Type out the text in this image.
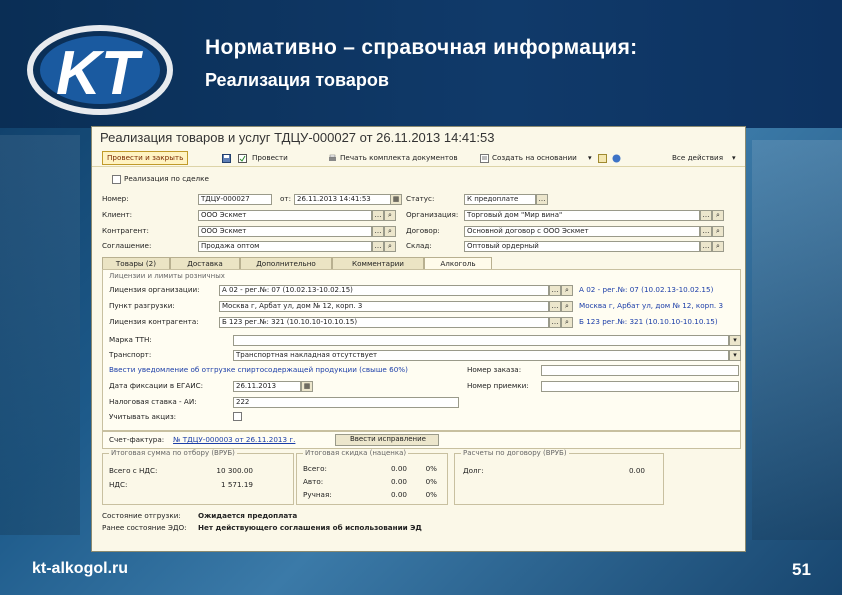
KT	Нормативно – справочная информация:
Реализация товаров
Реализация товаров и услуг ТДЦУ-000027 от 26.11.2013 14:41:53
Провести и закрыть	Провести	Печать комплекта документов	Создать на основании ▾	Все действия ▾
Реализация по сделке
Номер:	ТДЦУ-000027	от: 26.11.2013 14:41:53	▦ Статус:	К предоплате	…
Клиент:	ООО Эскмет	… ⌕	Организация:	Торговый дом "Мир вина"	… ⌕
Контрагент:	ООО Эскмет	… ⌕	Договор:	Основной договор с ООО Эскмет	… ⌕
Соглашение:	Продажа оптом	… ⌕	Склад:	Оптовый ордерный	… ⌕
Товары (2)	Доставка	Дополнительно	Комментарии	Алкоголь
Лицензии и лимиты розничных
Лицензия организации:	А 02 - рег.№: 07 (10.02.13-10.02.15)	… ⌕	А 02 - рег.№: 07 (10.02.13-10.02.15)
Пункт разгрузки:	Москва г, Арбат ул, дом № 12, корп. 3	… ⌕	Москва г, Арбат ул, дом № 12, корп. 3
Лицензия контрагента:	Б 123 рег.№: 321 (10.10.10-10.10.15)	… ⌕	Б 123 рег.№: 321 (10.10.10-10.10.15)
Марка ТТН:	▾
Транспорт:	Транспортная накладная отсутствует	▾
Ввести уведомление об отгрузке спиртосодержащей продукции (свыше 60%)	Номер заказа:
Дата фиксации в ЕГАИС:	26.11.2013	▦	Номер приемки:
Налоговая ставка - АИ:	222
Учитывать акциз:
Счет-фактура: № ТДЦУ-000003 от 26.11.2013 г.	Ввести исправление
Итоговая сумма по отбору (ВРУБ)
Всего с НДС:	10 300.00
НДС:	1 571.19
Итоговая скидка (наценка)
Всего:	0.00	0%
Авто:	0.00	0%
Ручная:	0.00	0%
Расчеты по договору (ВРУБ)
Долг:	0.00
Состояние отгрузки: Ожидается предоплата
Ранее состояние ЭДО: Нет действующего соглашения об использовании ЭД
kt-alkogol.ru	51
